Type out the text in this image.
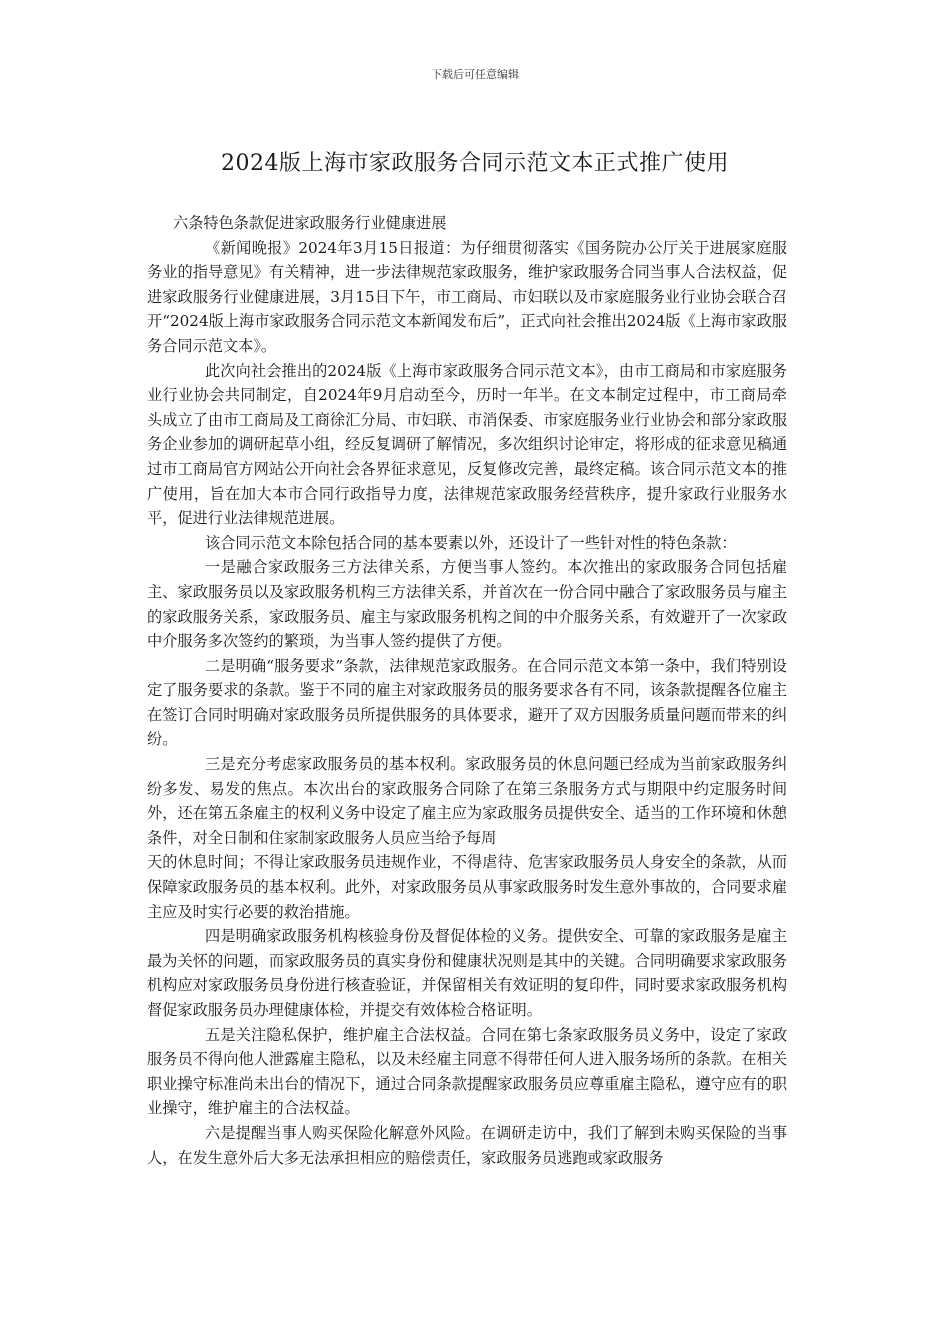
下载后可任意编辑
2024版上海市家政服务合同示范文本正式推广使用

六条特色条款促进家政服务行业健康进展

《新闻晚报》2024年3月15日报道：为仔细贯彻落实《国务院办公厅关于进展家庭服务业的指导意见》有关精神，进一步法律规范家政服务，维护家政服务合同当事人合法权益，促进家政服务行业健康进展，3月15日下午，市工商局、市妇联以及市家庭服务业行业协会联合召开“2024版上海市家政服务合同示范文本新闻发布后”，正式向社会推出2024版《上海市家政服务合同示范文本》。

此次向社会推出的2024版《上海市家政服务合同示范文本》，由市工商局和市家庭服务业行业协会共同制定，自2024年9月启动至今，历时一年半。在文本制定过程中，市工商局牵头成立了由市工商局及工商徐汇分局、市妇联、市消保委、市家庭服务业行业协会和部分家政服务企业参加的调研起草小组，经反复调研了解情况，多次组织讨论审定，将形成的征求意见稿通过市工商局官方网站公开向社会各界征求意见，反复修改完善，最终定稿。该合同示范文本的推广使用，旨在加大本市合同行政指导力度，法律规范家政服务经营秩序，提升家政行业服务水平，促进行业法律规范进展。

该合同示范文本除包括合同的基本要素以外，还设计了一些针对性的特色条款：

一是融合家政服务三方法律关系，方便当事人签约。本次推出的家政服务合同包括雇主、家政服务员以及家政服务机构三方法律关系，并首次在一份合同中融合了家政服务员与雇主的家政服务关系，家政服务员、雇主与家政服务机构之间的中介服务关系，有效避开了一次家政中介服务多次签约的繁琐，为当事人签约提供了方便。

二是明确“服务要求”条款，法律规范家政服务。在合同示范文本第一条中，我们特别设定了服务要求的条款。鉴于不同的雇主对家政服务员的服务要求各有不同，该条款提醒各位雇主在签订合同时明确对家政服务员所提供服务的具体要求，避开了双方因服务质量问题而带来的纠纷。

三是充分考虑家政服务员的基本权利。家政服务员的休息问题已经成为当前家政服务纠纷多发、易发的焦点。本次出台的家政服务合同除了在第三条服务方式与期限中约定服务时间外，还在第五条雇主的权利义务中设定了雇主应为家政服务员提供安全、适当的工作环境和休憩条件，对全日制和住家制家政服务人员应当给予每周

天的休息时间；不得让家政服务员违规作业，不得虐待、危害家政服务员人身安全的条款，从而保障家政服务员的基本权利。此外，对家政服务员从事家政服务时发生意外事故的，合同要求雇主应及时实行必要的救治措施。

四是明确家政服务机构核验身份及督促体检的义务。提供安全、可靠的家政服务是雇主最为关怀的问题，而家政服务员的真实身份和健康状况则是其中的关键。合同明确要求家政服务机构应对家政服务员身份进行核查验证，并保留相关有效证明的复印件，同时要求家政服务机构督促家政服务员办理健康体检，并提交有效体检合格证明。

五是关注隐私保护，维护雇主合法权益。合同在第七条家政服务员义务中，设定了家政服务员不得向他人泄露雇主隐私，以及未经雇主同意不得带任何人进入服务场所的条款。在相关职业操守标准尚未出台的情况下，通过合同条款提醒家政服务员应尊重雇主隐私，遵守应有的职业操守，维护雇主的合法权益。

六是提醒当事人购买保险化解意外风险。在调研走访中，我们了解到未购买保险的当事人，在发生意外后大多无法承担相应的赔偿责任，家政服务员逃跑或家政服务
